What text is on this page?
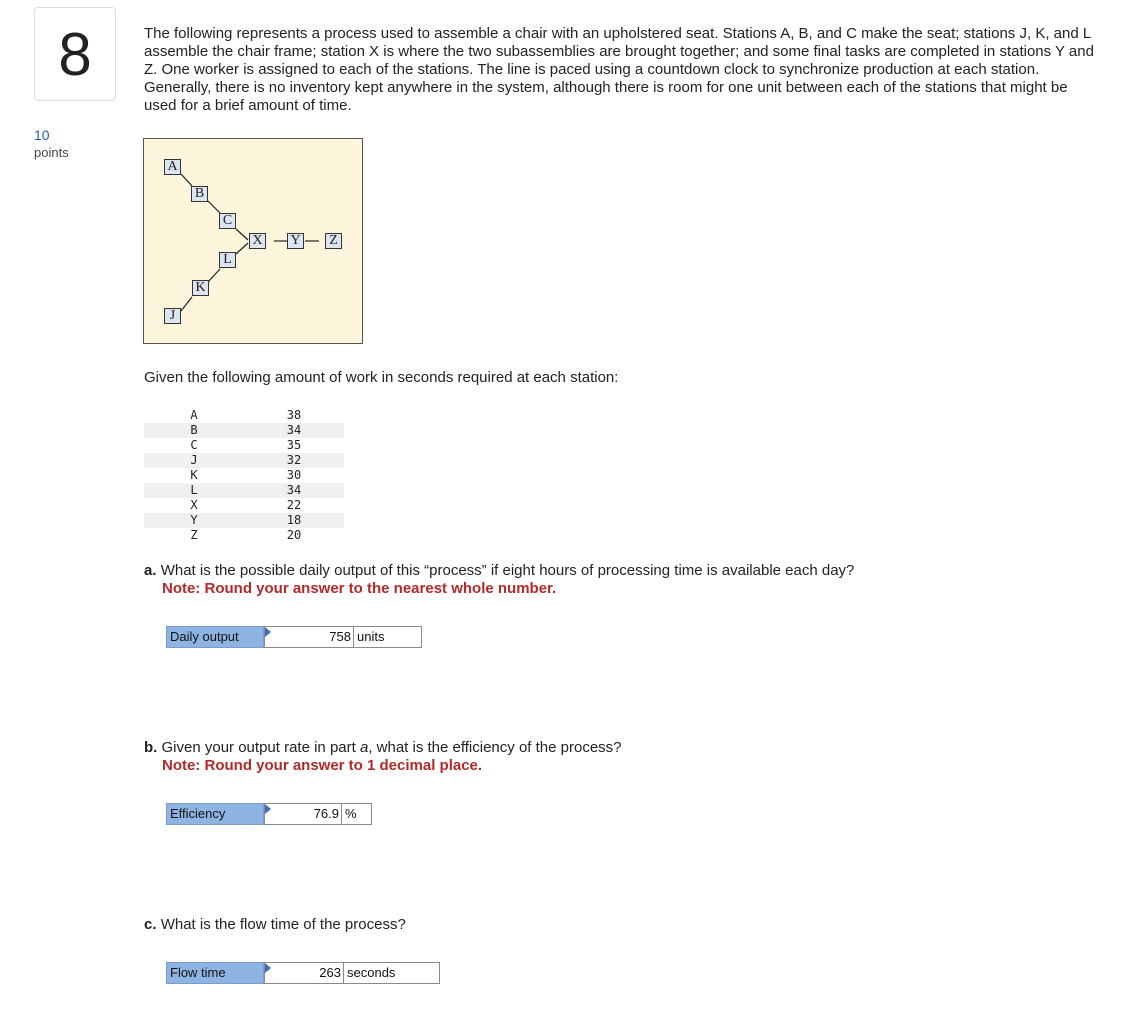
8
10
points

The following represents a process used to assemble a chair with an upholstered seat. Stations A, B, and C make the seat; stations J, K, and L assemble the chair frame; station X is where the two subassemblies are brought together; and some final tasks are completed in stations Y and Z. One worker is assigned to each of the stations. The line is paced using a countdown clock to synchronize production at each station. Generally, there is no inventory kept anywhere in the system, although there is room for one unit between each of the stations that might be used for a brief amount of time.

A
B
C
X Y	Z
L
K
J

Given the following amount of work in seconds required at each station:

A	38
B	34
C	35
J	32
K	30
L	34
X	22
Y	18
Z	20

a. What is the possible daily output of this “process” if eight hours of processing time is available each day?

Note: Round your answer to the nearest whole number.

Daily output	758 units

b. Given your output rate in part a, what is the efficiency of the process?

Note: Round your answer to 1 decimal place.

Efficiency	76.9 %

c. What is the flow time of the process?

Flow time	263 seconds
